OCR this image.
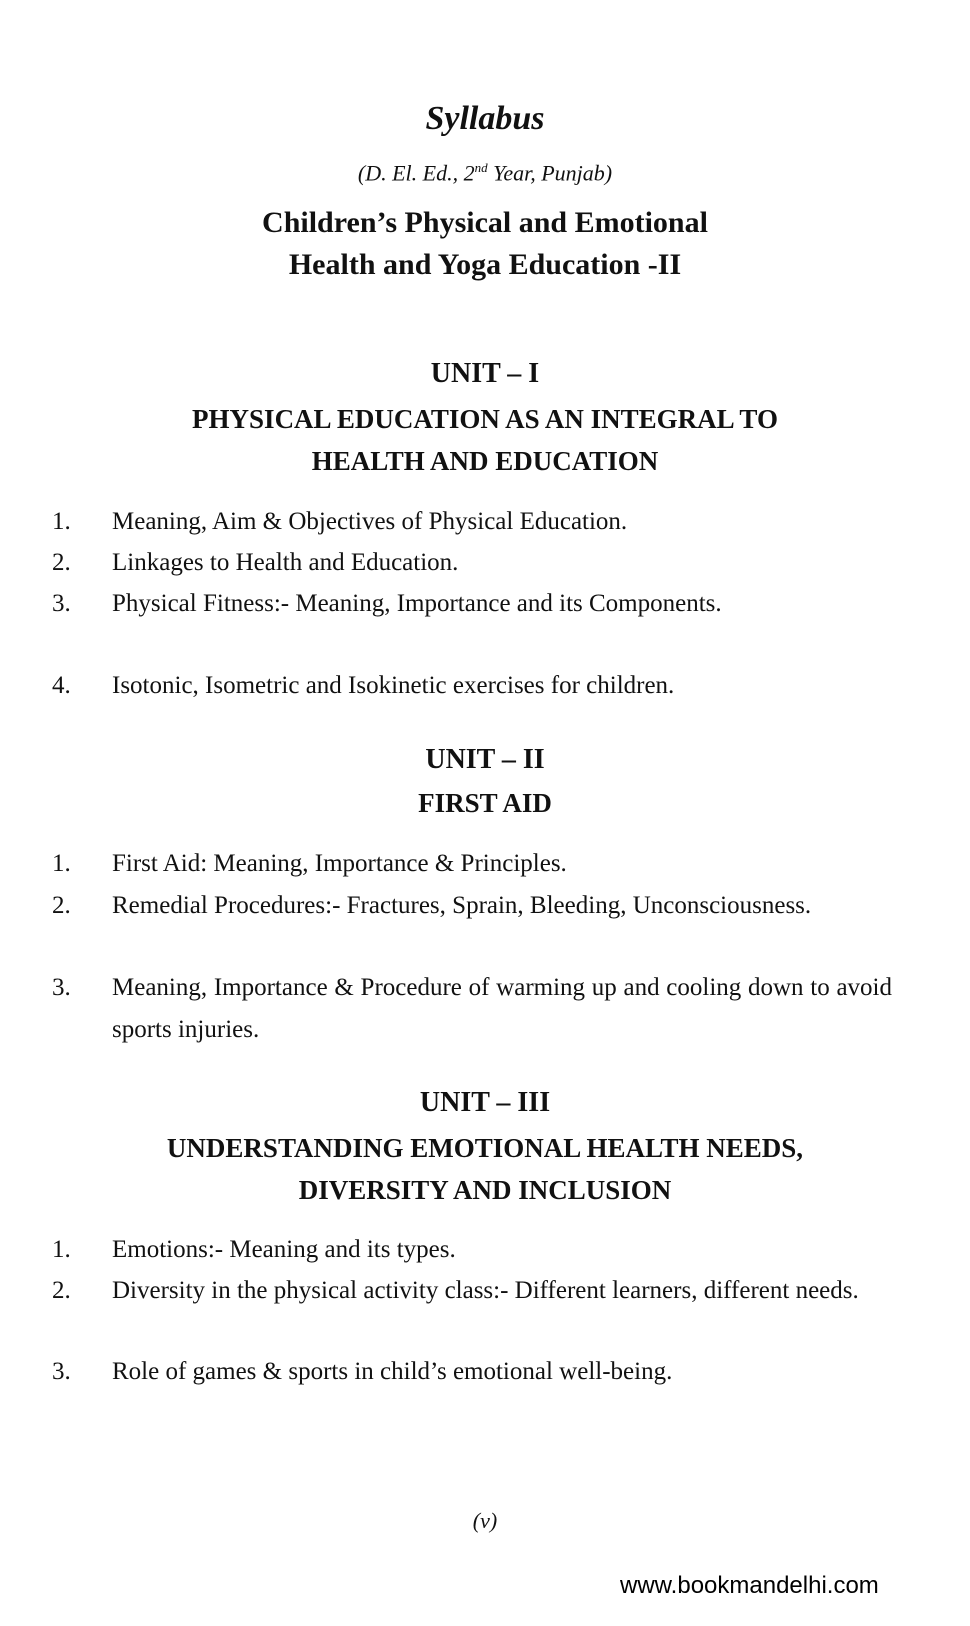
Syllabus
(D. El. Ed., 2nd Year, Punjab)
Children’s Physical and Emotional
Health and Yoga Education -II
UNIT – I
PHYSICAL EDUCATION AS AN INTEGRAL TO
HEALTH AND EDUCATION
1. Meaning, Aim & Objectives of Physical Education.
2. Linkages to Health and Education.
3. Physical Fitness:- Meaning, Importance and its Components.
4. Isotonic, Isometric and Isokinetic exercises for children.
UNIT – II
FIRST AID
1. First Aid: Meaning, Importance & Principles.
2. Remedial Procedures:- Fractures, Sprain, Bleeding, Unconsciousness.
3. Meaning, Importance & Procedure of warming up and cooling down to avoid sports injuries.
UNIT – III
UNDERSTANDING EMOTIONAL HEALTH NEEDS,
DIVERSITY AND INCLUSION
1. Emotions:- Meaning and its types.
2. Diversity in the physical activity class:- Different learners, different needs.
3. Role of games & sports in child’s emotional well-being.
(v)
www.bookmandelhi.com
